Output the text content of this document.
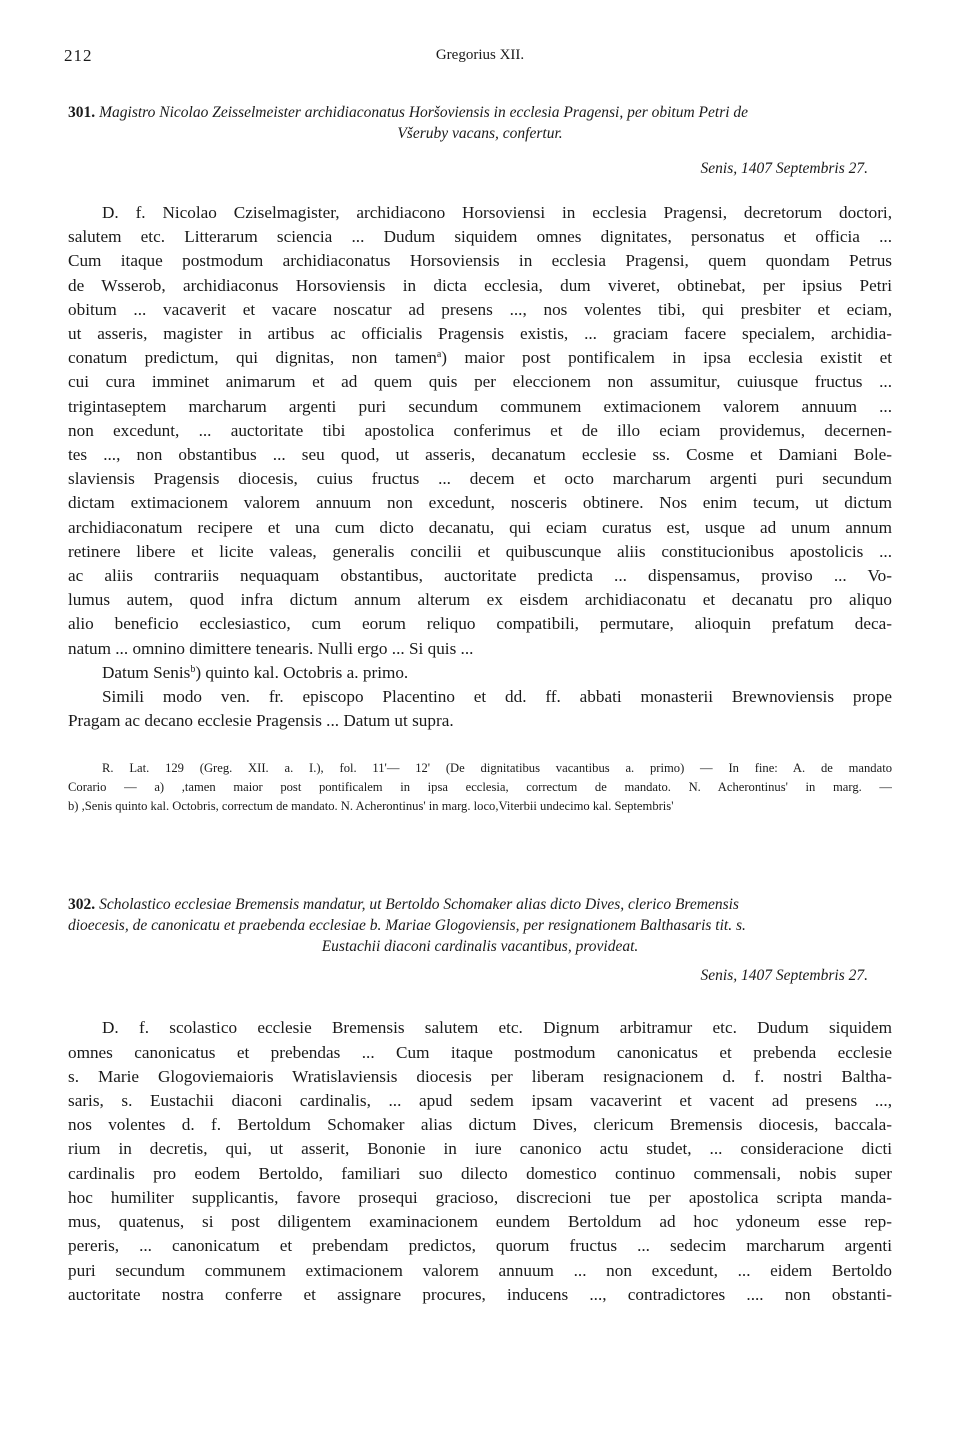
212	Gregorius XII.
301. Magistro Nicolao Zeisselmeister archidiaconatus Horšoviensis in ecclesia Pragensi, per obitum Petri de
Všeruby vacans, confertur.
Senis, 1407 Septembris 27.
D. f. Nicolao Cziselmagister, archidiacono Horsoviensi in ecclesia Pragensi, decretorum doctori,
salutem etc. Litterarum sciencia ... Dudum siquidem omnes dignitates, personatus et officia ...
Cum itaque postmodum archidiaconatus Horsoviensis in ecclesia Pragensi, quem quondam Petrus
de Wsserob, archidiaconus Horsoviensis in dicta ecclesia, dum viveret, obtinebat, per ipsius Petri
obitum ... vacaverit et vacare noscatur ad presens ..., nos volentes tibi, qui presbiter et eciam,
ut asseris, magister in artibus ac officialis Pragensis existis, ... graciam facere specialem, archidia-
conatum predictum, qui dignitas, non tamen$^a$) maior post pontificalem in ipsa ecclesia existit et
cui cura imminet animarum et ad quem quis per eleccionem non assumitur, cuiusque fructus ...
trigintaseptem marcharum argenti puri secundum communem extimacionem valorem annuum ...
non excedunt, ... auctoritate tibi apostolica conferimus et de illo eciam providemus, decernen-
tes ..., non obstantibus ... seu quod, ut asseris, decanatum ecclesie ss. Cosme et Damiani Bole-
slaviensis Pragensis diocesis, cuius fructus ... decem et octo marcharum argenti puri secundum
dictam extimacionem valorem annuum non excedunt, nosceris obtinere. Nos enim tecum, ut dictum
archidiaconatum recipere et una cum dicto decanatu, qui eciam curatus est, usque ad unum annum
retinere libere et licite valeas, generalis concilii et quibuscunque aliis constitucionibus apostolicis ...
ac aliis contrariis nequaquam obstantibus, auctoritate predicta ... dispensamus, proviso ... Vo-
lumus autem, quod infra dictum annum alterum ex eisdem archidiaconatu et decanatu pro aliquo
alio beneficio ecclesiastico, cum eorum reliquo compatibili, permutare, alioquin prefatum deca-
natum ... omnino dimittere tenearis. Nulli ergo ... Si quis ...
Datum Senis$^b$) quinto kal. Octobris a. primo.
Simili modo ven. fr. episcopo Placentino et dd. ff. abbati monasterii Brewnoviensis prope
Pragam ac decano ecclesie Pragensis ... Datum ut supra.
R. Lat. 129 (Greg. XII. a. I.), fol. 11'— 12' (De dignitatibus vacantibus a. primo) — In fine: A. de mandato
Corario — a) ,tamen maior post pontificalem in ipsa ecclesia, correctum de mandato. N. Acherontinus' in marg. —
b) ,Senis quinto kal. Octobris, correctum de mandato. N. Acherontinus' in marg. loco,Viterbii undecimo kal. Septembris'
302. Scholastico ecclesiae Bremensis mandatur, ut Bertoldo Schomaker alias dicto Dives, clerico Bremensis
dioecesis, de canonicatu et praebenda ecclesiae b. Mariae Glogoviensis, per resignationem Balthasaris tit. s.
Eustachii diaconi cardinalis vacantibus, provideat.
Senis, 1407 Septembris 27.
D. f. scolastico ecclesie Bremensis salutem etc. Dignum arbitramur etc. Dudum siquidem
omnes canonicatus et prebendas ... Cum itaque postmodum canonicatus et prebenda ecclesie
s. Marie Glogoviemaioris Wratislaviensis diocesis per liberam resignacionem d. f. nostri Baltha-
saris, s. Eustachii diaconi cardinalis, ... apud sedem ipsam vacaverint et vacent ad presens ...,
nos volentes d. f. Bertoldum Schomaker alias dictum Dives, clericum Bremensis diocesis, baccala-
rium in decretis, qui, ut asserit, Bononie in iure canonico actu studet, ... consideracione dicti
cardinalis pro eodem Bertoldo, familiari suo dilecto domestico continuo commensali, nobis super
hoc humiliter supplicantis, favore prosequi gracioso, discrecioni tue per apostolica scripta manda-
mus, quatenus, si post diligentem examinacionem eundem Bertoldum ad hoc ydoneum esse rep-
pereris, ... canonicatum et prebendam predictos, quorum fructus ... sedecim marcharum argenti
puri secundum communem extimacionem valorem annuum ... non excedunt, ... eidem Bertoldo
auctoritate nostra conferre et assignare procures, inducens ..., contradictores .... non obstanti-
